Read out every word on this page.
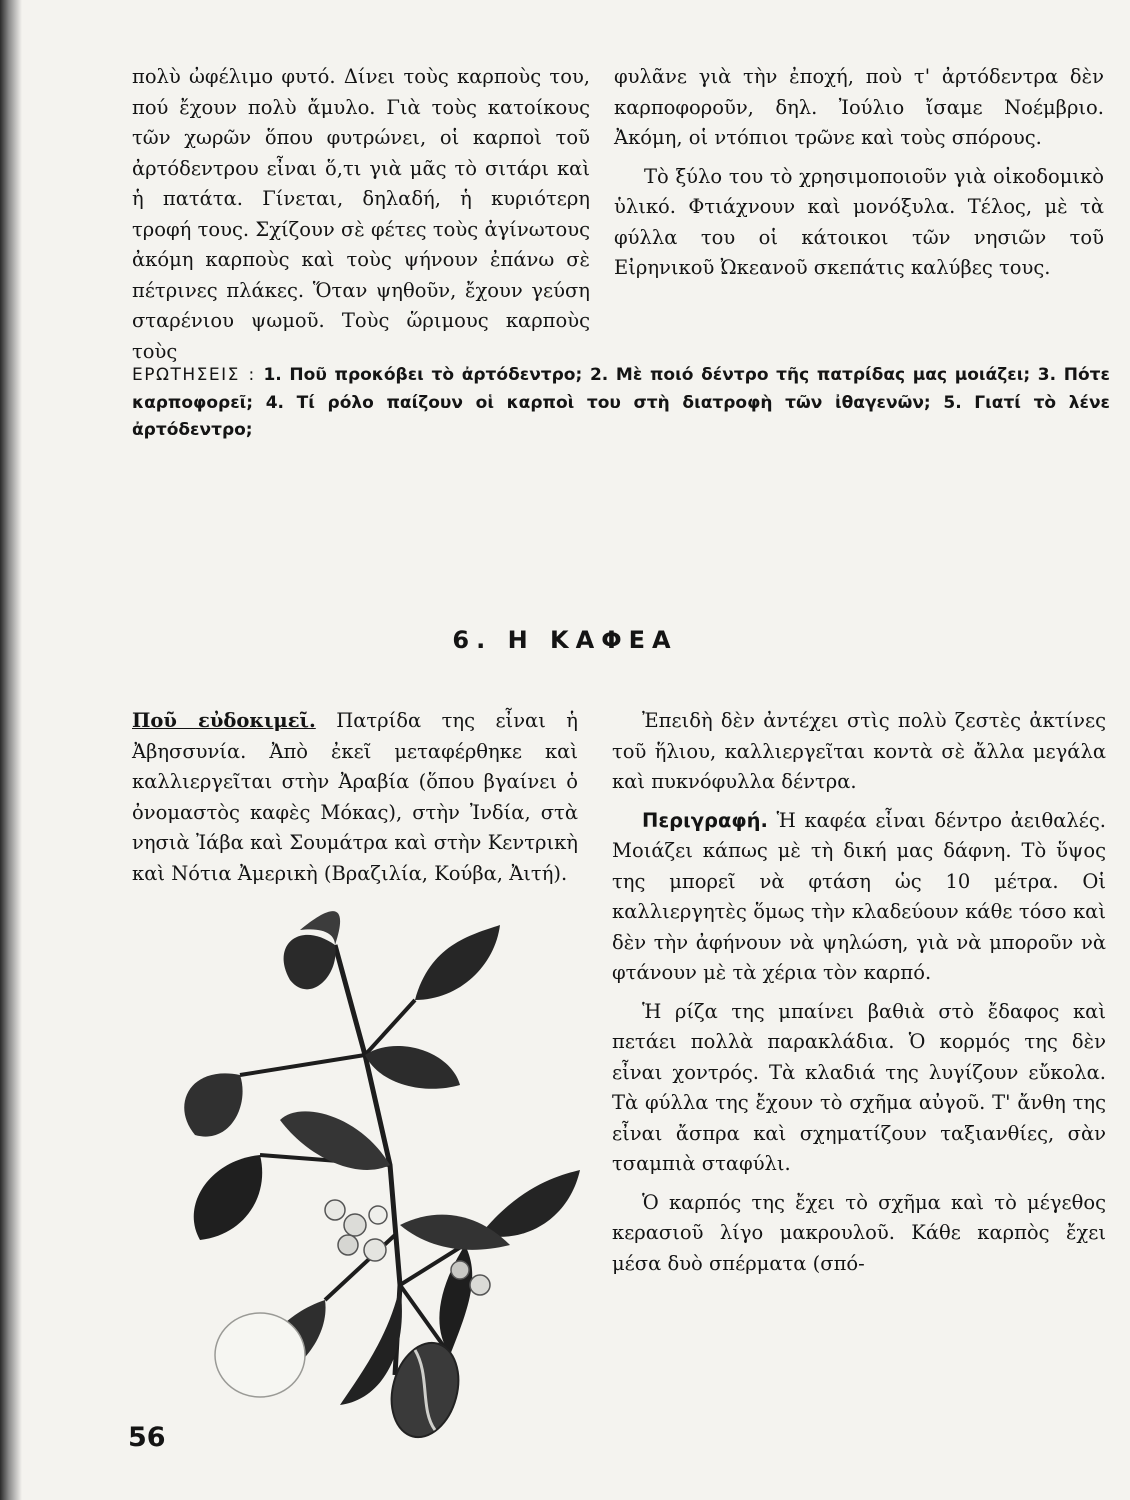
πολὺ ὠφέλιμο φυτό. Δίνει τοὺς καρποὺς του, πού ἔχουν πολὺ ἄμυλο. Γιὰ τοὺς κατοίκους τῶν χωρῶν ὅπου φυτρώνει, οἱ καρποὶ τοῦ ἀρτόδεντρου εἶναι ὅ,τι γιὰ μᾶς τὸ σιτάρι καὶ ἡ πατάτα. Γίνεται, δηλαδή, ἡ κυριότερη τροφή τους. Σχίζουν σὲ φέτες τοὺς ἀγίνωτους ἀκόμη καρποὺς καὶ τοὺς ψήνουν ἐπάνω σὲ πέτρινες πλάκες. Ὅταν ψηθοῦν, ἔχουν γεύση σταρένιου ψωμοῦ. Τοὺς ὥριμους καρποὺς τοὺς

φυλᾶνε γιὰ τὴν ἐποχή, ποὺ τ' ἀρτόδεντρα δὲν καρποφοροῦν, δηλ. Ἰούλιο ἴσαμε Νοέμβριο. Ἀκόμη, οἱ ντόπιοι τρῶνε καὶ τοὺς σπόρους.

Τὸ ξύλο του τὸ χρησιμοποιοῦν γιὰ οἰκοδομικὸ ὑλικό. Φτιάχνουν καὶ μονόξυλα. Τέλος, μὲ τὰ φύλλα του οἱ κάτοικοι τῶν νησιῶν τοῦ Εἰρηνικοῦ Ὠκεανοῦ σκεπάτις καλύβες τους.

ΕΡΩΤΗΣΕΙΣ : 1. Ποῦ προκόβει τὸ ἀρτόδεντρο; 2. Μὲ ποιό δέντρο τῆς πατρίδας μας μοιάζει; 3. Πότε καρποφορεῖ; 4. Τί ρόλο παίζουν οἱ καρποὶ του στὴ διατροφὴ τῶν ἰθαγενῶν; 5. Γιατί τὸ λένε ἀρτόδεντρο;
6. Η ΚΑΦΕΑ

Ποῦ εὐδοκιμεῖ. Πατρίδα της εἶναι ἡ Ἀβησσυνία. Ἀπὸ ἐκεῖ μεταφέρθηκε καὶ καλλιεργεῖται στὴν Ἀραβία (ὅπου βγαίνει ὁ ὀνομαστὸς καφὲς Μόκας), στὴν Ἰνδία, στὰ νησιὰ Ἰάβα καὶ Σουμάτρα καὶ στὴν Κεντρικὴ καὶ Νότια Ἀμερικὴ (Βραζιλία, Κούβα, Ἀιτή).

Ἐπειδὴ δὲν ἀντέχει στὶς πολὺ ζεστὲς ἀκτίνες τοῦ ἥλιου, καλλιεργεῖται κοντὰ σὲ ἄλλα μεγάλα καὶ πυκνόφυλλα δέντρα.

Περιγραφή. Ἡ καφέα εἶναι δέντρο ἀειθαλές. Μοιάζει κάπως μὲ τὴ δική μας δάφνη. Τὸ ὕψος της μπορεῖ νὰ φτάση ὡς 10 μέτρα. Οἱ καλλιεργητὲς ὅμως τὴν κλαδεύουν κάθε τόσο καὶ δὲν τὴν ἀφήνουν νὰ ψηλώση, γιὰ νὰ μποροῦν νὰ φτάνουν μὲ τὰ χέρια τὸν καρπό.

Ἡ ρίζα της μπαίνει βαθιὰ στὸ ἔδαφος καὶ πετάει πολλὰ παρακλάδια. Ὁ κορμός της δὲν εἶναι χοντρός. Τὰ κλαδιά της λυγίζουν εὔκολα. Τὰ φύλλα της ἔχουν τὸ σχῆμα αὐγοῦ. Τ' ἄνθη της εἶναι ἄσπρα καὶ σχηματίζουν ταξιανθίες, σὰν τσαμπιὰ σταφύλι.

Ὁ καρπός της ἔχει τὸ σχῆμα καὶ τὸ μέγεθος κερασιοῦ λίγο μακρουλοῦ. Κάθε καρπὸς ἔχει μέσα δυὸ σπέρματα (σπό-

56
